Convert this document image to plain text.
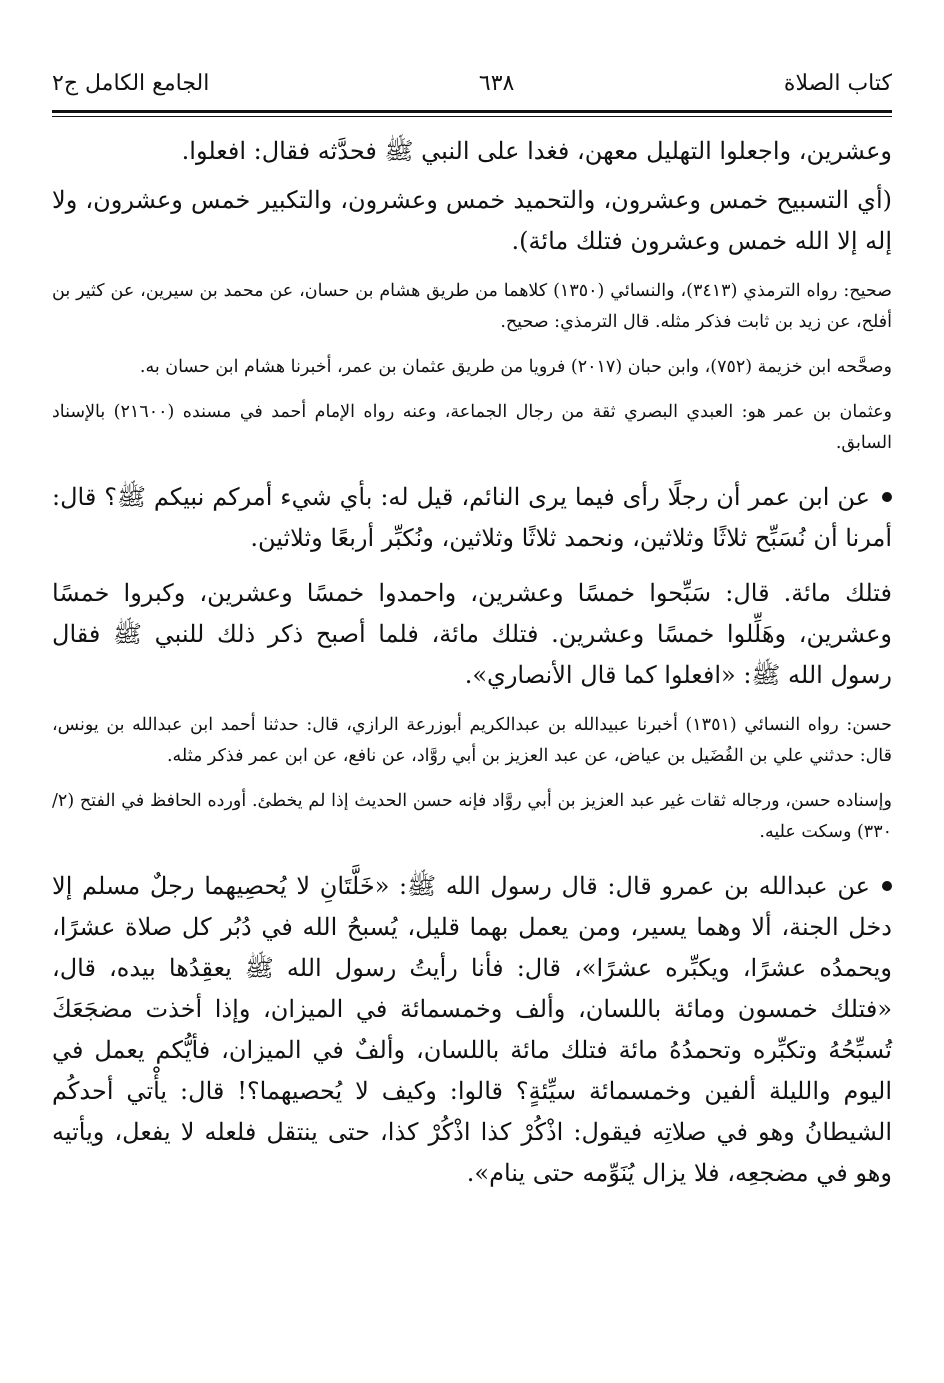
كتاب الصلاة
٦٣٨
الجامع الكامل ج٢

وعشرين، واجعلوا التهليل معهن، فغدا على النبي ﷺ فحدَّثه فقال: افعلوا.

(أي التسبيح خمس وعشرون، والتحميد خمس وعشرون، والتكبير خمس وعشرون، ولا إله إلا الله خمس وعشرون فتلك مائة).

صحيح: رواه الترمذي (٣٤١٣)، والنسائي (١٣٥٠) كلاهما من طريق هشام بن حسان، عن محمد بن سيرين، عن كثير بن أفلح، عن زيد بن ثابت فذكر مثله. قال الترمذي: صحيح.

وصحَّحه ابن خزيمة (٧٥٢)، وابن حبان (٢٠١٧) فرويا من طريق عثمان بن عمر، أخبرنا هشام ابن حسان به.

وعثمان بن عمر هو: العبدي البصري ثقة من رجال الجماعة، وعنه رواه الإمام أحمد في مسنده (٢١٦٠٠) بالإسناد السابق.

عن ابن عمر أن رجلًا رأى فيما يرى النائم، قيل له: بأي شيء أمركم نبيكم ﷺ؟ قال: أمرنا أن نُسَبِّح ثلاثًا وثلاثين، ونحمد ثلاثًا وثلاثين، ونُكبِّر أربعًا وثلاثين.

فتلك مائة. قال: سَبِّحوا خمسًا وعشرين، واحمدوا خمسًا وعشرين، وكبروا خمسًا وعشرين، وهَلِّلوا خمسًا وعشرين. فتلك مائة، فلما أصبح ذكر ذلك للنبي ﷺ فقال رسول الله ﷺ: «افعلوا كما قال الأنصاري».

حسن: رواه النسائي (١٣٥١) أخبرنا عبيدالله بن عبدالكريم أبوزرعة الرازي، قال: حدثنا أحمد ابن عبدالله بن يونس، قال: حدثني علي بن الفُضَيل بن عياض، عن عبد العزيز بن أبي روَّاد، عن نافع، عن ابن عمر فذكر مثله.

وإسناده حسن، ورجاله ثقات غير عبد العزيز بن أبي روَّاد فإنه حسن الحديث إذا لم يخطئ. أورده الحافظ في الفتح (٢/ ٣٣٠) وسكت عليه.

عن عبدالله بن عمرو قال: قال رسول الله ﷺ: «خَلَّتَانِ لا يُحصِيهما رجلٌ مسلم إلا دخل الجنة، ألا وهما يسير، ومن يعمل بهما قليل، يُسبحُ الله في دُبُر كل صلاة عشرًا، ويحمدُه عشرًا، ويكبِّره عشرًا»، قال: فأنا رأيتُ رسول الله ﷺ يعقِدُها بيده، قال، «فتلك خمسون ومائة باللسان، وألف وخمسمائة في الميزان، وإذا أخذت مضجَعَكَ تُسبِّحُهُ وتكبِّره وتحمدُهُ مائة فتلك مائة باللسان، وألفٌ في الميزان، فأيُّكم يعمل في اليوم والليلة ألفين وخمسمائة سيِّئةٍ؟ قالوا: وكيف لا يُحصيهما؟! قال: يأْتي أحدكُم الشيطانُ وهو في صلاتِه فيقول: اذْكُرْ كذا اذْكُرْ كذا، حتى ينتقل فلعله لا يفعل، ويأتيه وهو في مضجعِه، فلا يزال يُنَوِّمه حتى ينام».
